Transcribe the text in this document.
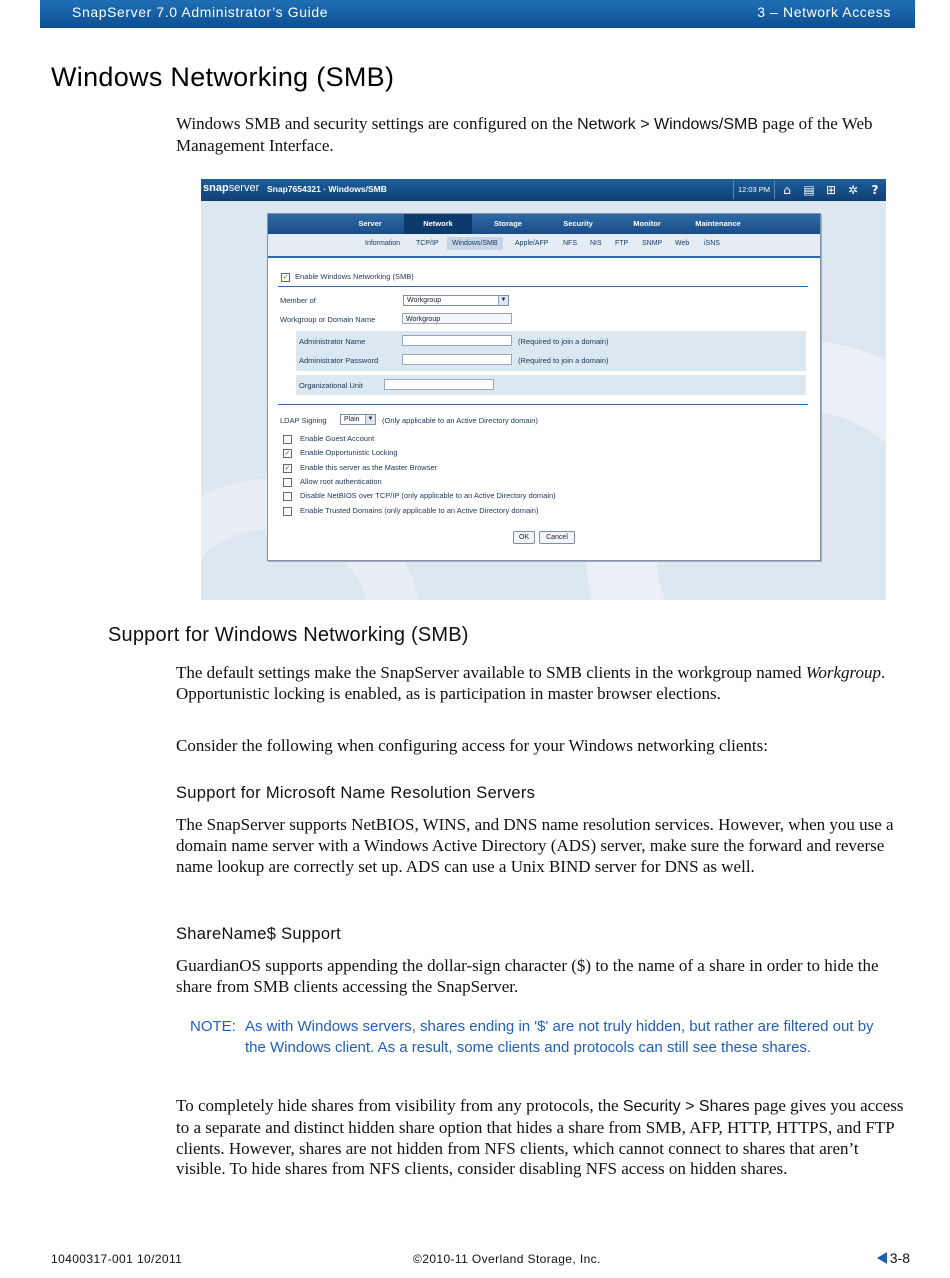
SnapServer 7.0 Administrator’s Guide	3 – Network Access
Windows Networking (SMB)

Windows SMB and security settings are configured on the Network > Windows/SMB page of the Web Management Interface.

snapserver Snap7654321 · Windows/SMB	12:03 PM	⌂	▤ ⊞ ✲	?
Server	Network	Storage	Security	Monitor	Maintenance
Information TCP/IP	Windows/SMB	Apple/AFP NFS NIS FTP SNMP Web iSNS
✓ Enable Windows Networking (SMB)
Member of	Workgroup	▼
Workgroup or Domain Name	Workgroup
Administrator Name	(Required to join a domain)
Administrator Password	(Required to join a domain)
Organizational Unit
LDAP Signing	Plain	▼ (Only applicable to an Active Directory domain)
Enable Guest Account
✓ Enable Opportunistic Locking
✓ Enable this server as the Master Browser
Allow root authentication
Disable NetBIOS over TCP/IP (only applicable to an Active Directory domain)
Enable Trusted Domains (only applicable to an Active Directory domain)
OK	Cancel
Support for Windows Networking (SMB)

The default settings make the SnapServer available to SMB clients in the workgroup named Workgroup. Opportunistic locking is enabled, as is participation in master browser elections.

Consider the following when configuring access for your Windows networking clients:

Support for Microsoft Name Resolution Servers

The SnapServer supports NetBIOS, WINS, and DNS name resolution services. However, when you use a domain name server with a Windows Active Directory (ADS) server, make sure the forward and reverse name lookup are correctly set up. ADS can use a Unix BIND server for DNS as well.

ShareName$ Support

GuardianOS supports appending the dollar-sign character ($) to the name of a share in order to hide the share from SMB clients accessing the SnapServer.

NOTE: As with Windows servers, shares ending in '$' are not truly hidden, but rather are filtered out by the Windows client. As a result, some clients and protocols can still see these shares.

To completely hide shares from visibility from any protocols, the Security > Shares page gives you access to a separate and distinct hidden share option that hides a share from SMB, AFP, HTTP, HTTPS, and FTP clients. However, shares are not hidden from NFS clients, which cannot connect to shares that aren’t visible. To hide shares from NFS clients, consider disabling NFS access on hidden shares.

10400317-001 10/2011	©2010-11 Overland Storage, Inc.	3-8
